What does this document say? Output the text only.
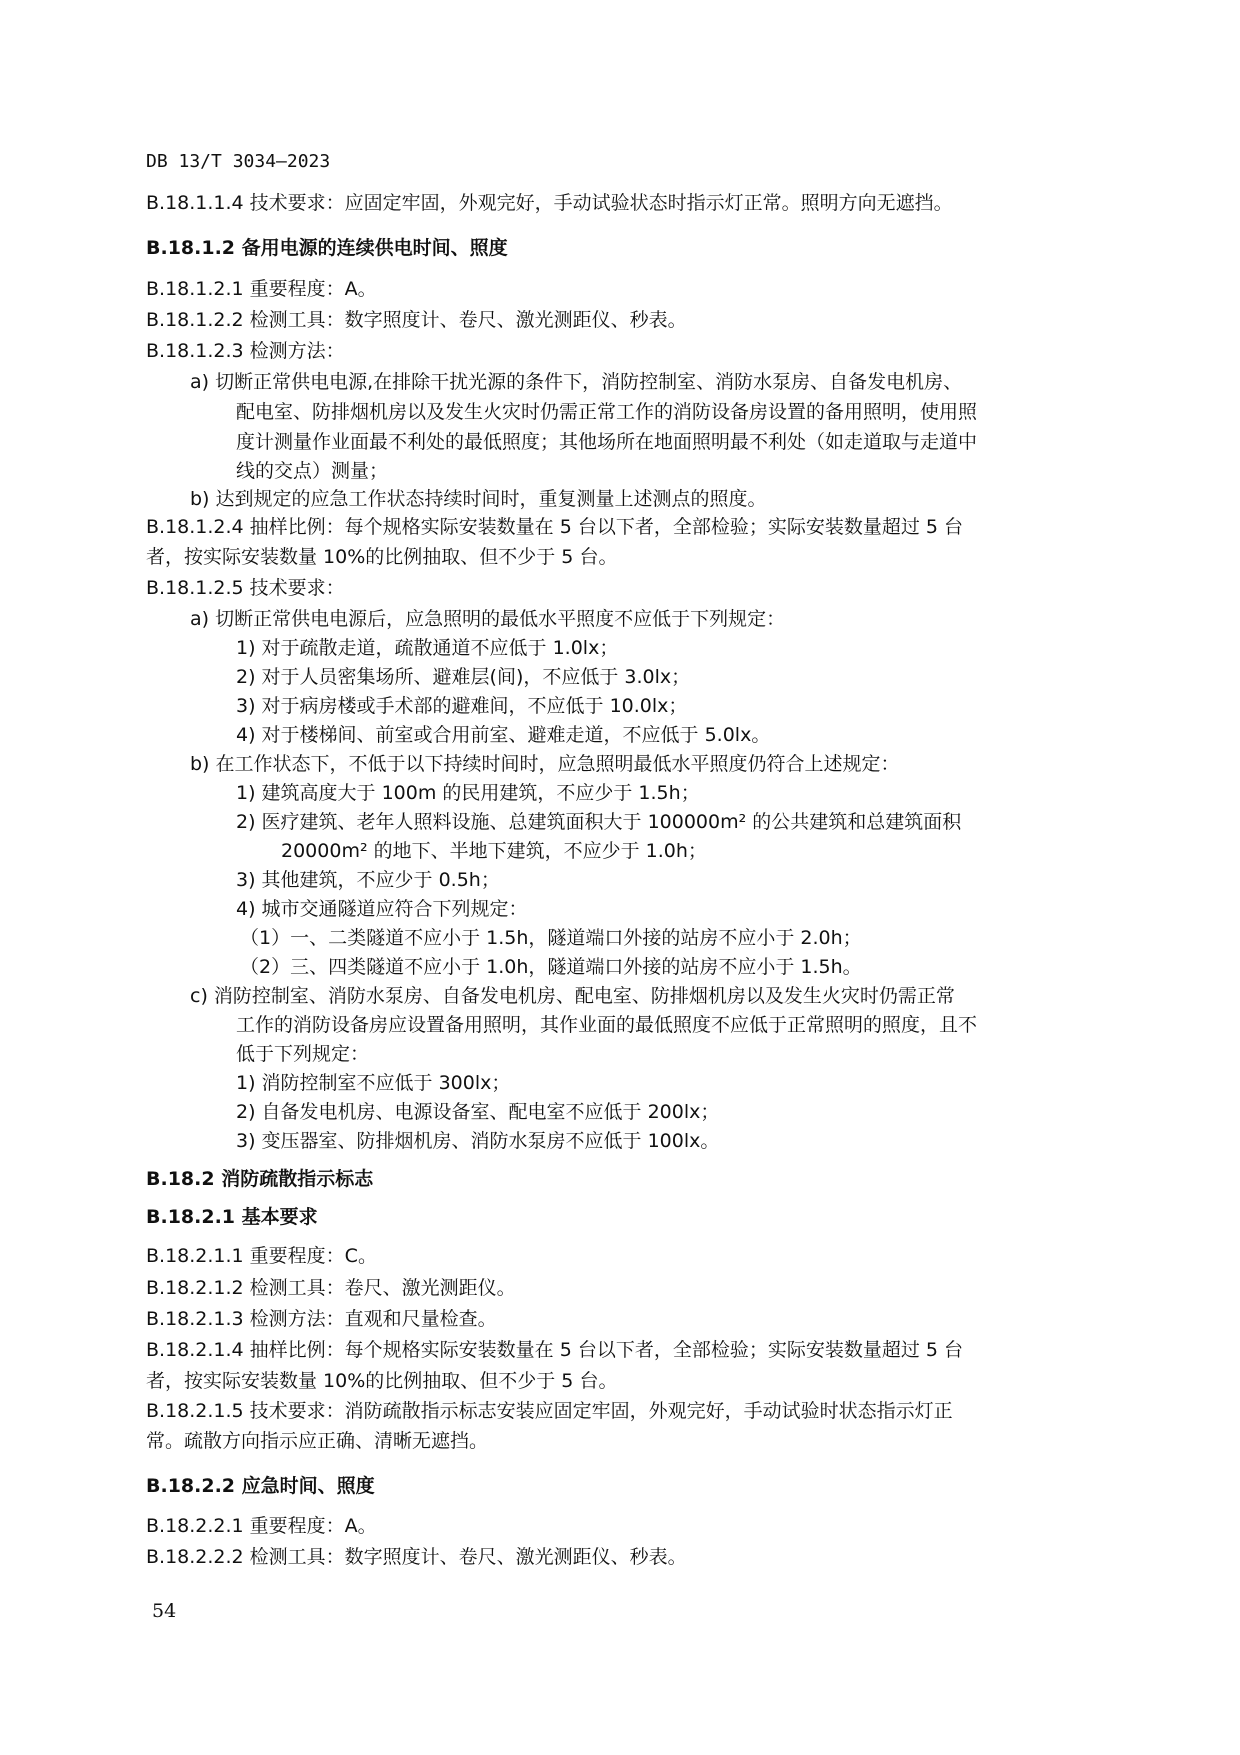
DB 13/T 3034—2023
B.18.1.1.4 技术要求：应固定牢固，外观完好，手动试验状态时指示灯正常。照明方向无遮挡。
B.18.1.2 备用电源的连续供电时间、照度
B.18.1.2.1 重要程度：A。
B.18.1.2.2 检测工具：数字照度计、卷尺、激光测距仪、秒表。
B.18.1.2.3 检测方法：
a) 切断正常供电电源,在排除干扰光源的条件下，消防控制室、消防水泵房、自备发电机房、
配电室、防排烟机房以及发生火灾时仍需正常工作的消防设备房设置的备用照明，使用照
度计测量作业面最不利处的最低照度；其他场所在地面照明最不利处（如走道取与走道中
线的交点）测量；
b) 达到规定的应急工作状态持续时间时，重复测量上述测点的照度。
B.18.1.2.4 抽样比例：每个规格实际安装数量在 5 台以下者，全部检验；实际安装数量超过 5 台
者，按实际安装数量 10%的比例抽取、但不少于 5 台。
B.18.1.2.5 技术要求：
a) 切断正常供电电源后，应急照明的最低水平照度不应低于下列规定：
1) 对于疏散走道，疏散通道不应低于 1.0lx；
2) 对于人员密集场所、避难层(间)，不应低于 3.0lx；
3) 对于病房楼或手术部的避难间，不应低于 10.0lx；
4) 对于楼梯间、前室或合用前室、避难走道，不应低于 5.0lx。
b) 在工作状态下，不低于以下持续时间时，应急照明最低水平照度仍符合上述规定：
1) 建筑高度大于 100m 的民用建筑，不应少于 1.5h；
2) 医疗建筑、老年人照料设施、总建筑面积大于 100000m² 的公共建筑和总建筑面积
20000m² 的地下、半地下建筑，不应少于 1.0h；
3) 其他建筑，不应少于 0.5h；
4) 城市交通隧道应符合下列规定：
（1）一、二类隧道不应小于 1.5h，隧道端口外接的站房不应小于 2.0h；
（2）三、四类隧道不应小于 1.0h，隧道端口外接的站房不应小于 1.5h。
c) 消防控制室、消防水泵房、自备发电机房、配电室、防排烟机房以及发生火灾时仍需正常
工作的消防设备房应设置备用照明，其作业面的最低照度不应低于正常照明的照度，且不
低于下列规定：
1) 消防控制室不应低于 300lx；
2) 自备发电机房、电源设备室、配电室不应低于 200lx；
3) 变压器室、防排烟机房、消防水泵房不应低于 100lx。
B.18.2 消防疏散指示标志
B.18.2.1 基本要求
B.18.2.1.1 重要程度：C。
B.18.2.1.2 检测工具：卷尺、激光测距仪。
B.18.2.1.3 检测方法：直观和尺量检查。
B.18.2.1.4 抽样比例：每个规格实际安装数量在 5 台以下者，全部检验；实际安装数量超过 5 台
者，按实际安装数量 10%的比例抽取、但不少于 5 台。
B.18.2.1.5 技术要求：消防疏散指示标志安装应固定牢固，外观完好，手动试验时状态指示灯正
常。疏散方向指示应正确、清晰无遮挡。
B.18.2.2 应急时间、照度
B.18.2.2.1 重要程度：A。
B.18.2.2.2 检测工具：数字照度计、卷尺、激光测距仪、秒表。
54
